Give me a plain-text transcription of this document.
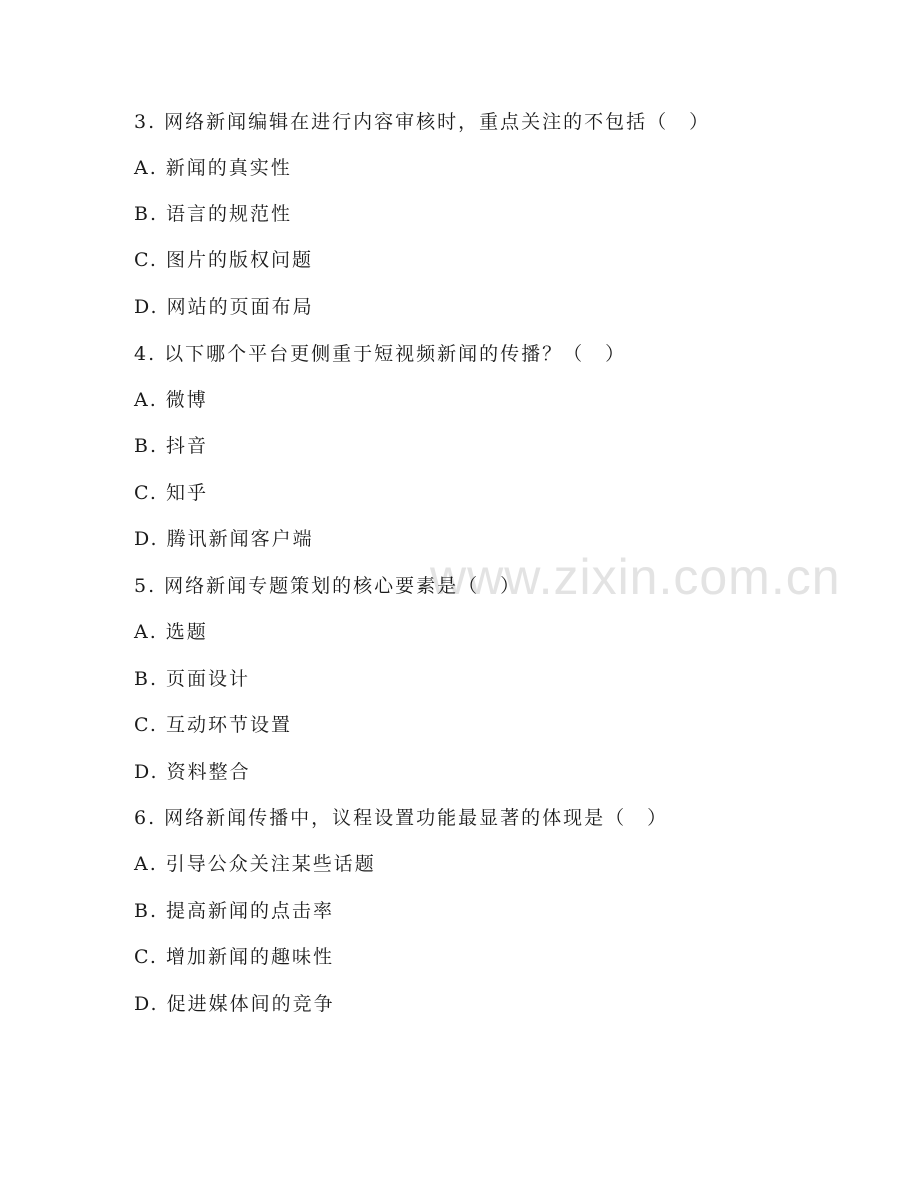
www.zixin.com.cn
3. 网络新闻编辑在进行内容审核时，重点关注的不包括（　）
A. 新闻的真实性
B. 语言的规范性
C. 图片的版权问题
D. 网站的页面布局
4. 以下哪个平台更侧重于短视频新闻的传播？（　）
A. 微博
B. 抖音
C. 知乎
D. 腾讯新闻客户端
5. 网络新闻专题策划的核心要素是（　）
A. 选题
B. 页面设计
C. 互动环节设置
D. 资料整合
6. 网络新闻传播中，议程设置功能最显著的体现是（　）
A. 引导公众关注某些话题
B. 提高新闻的点击率
C. 增加新闻的趣味性
D. 促进媒体间的竞争
